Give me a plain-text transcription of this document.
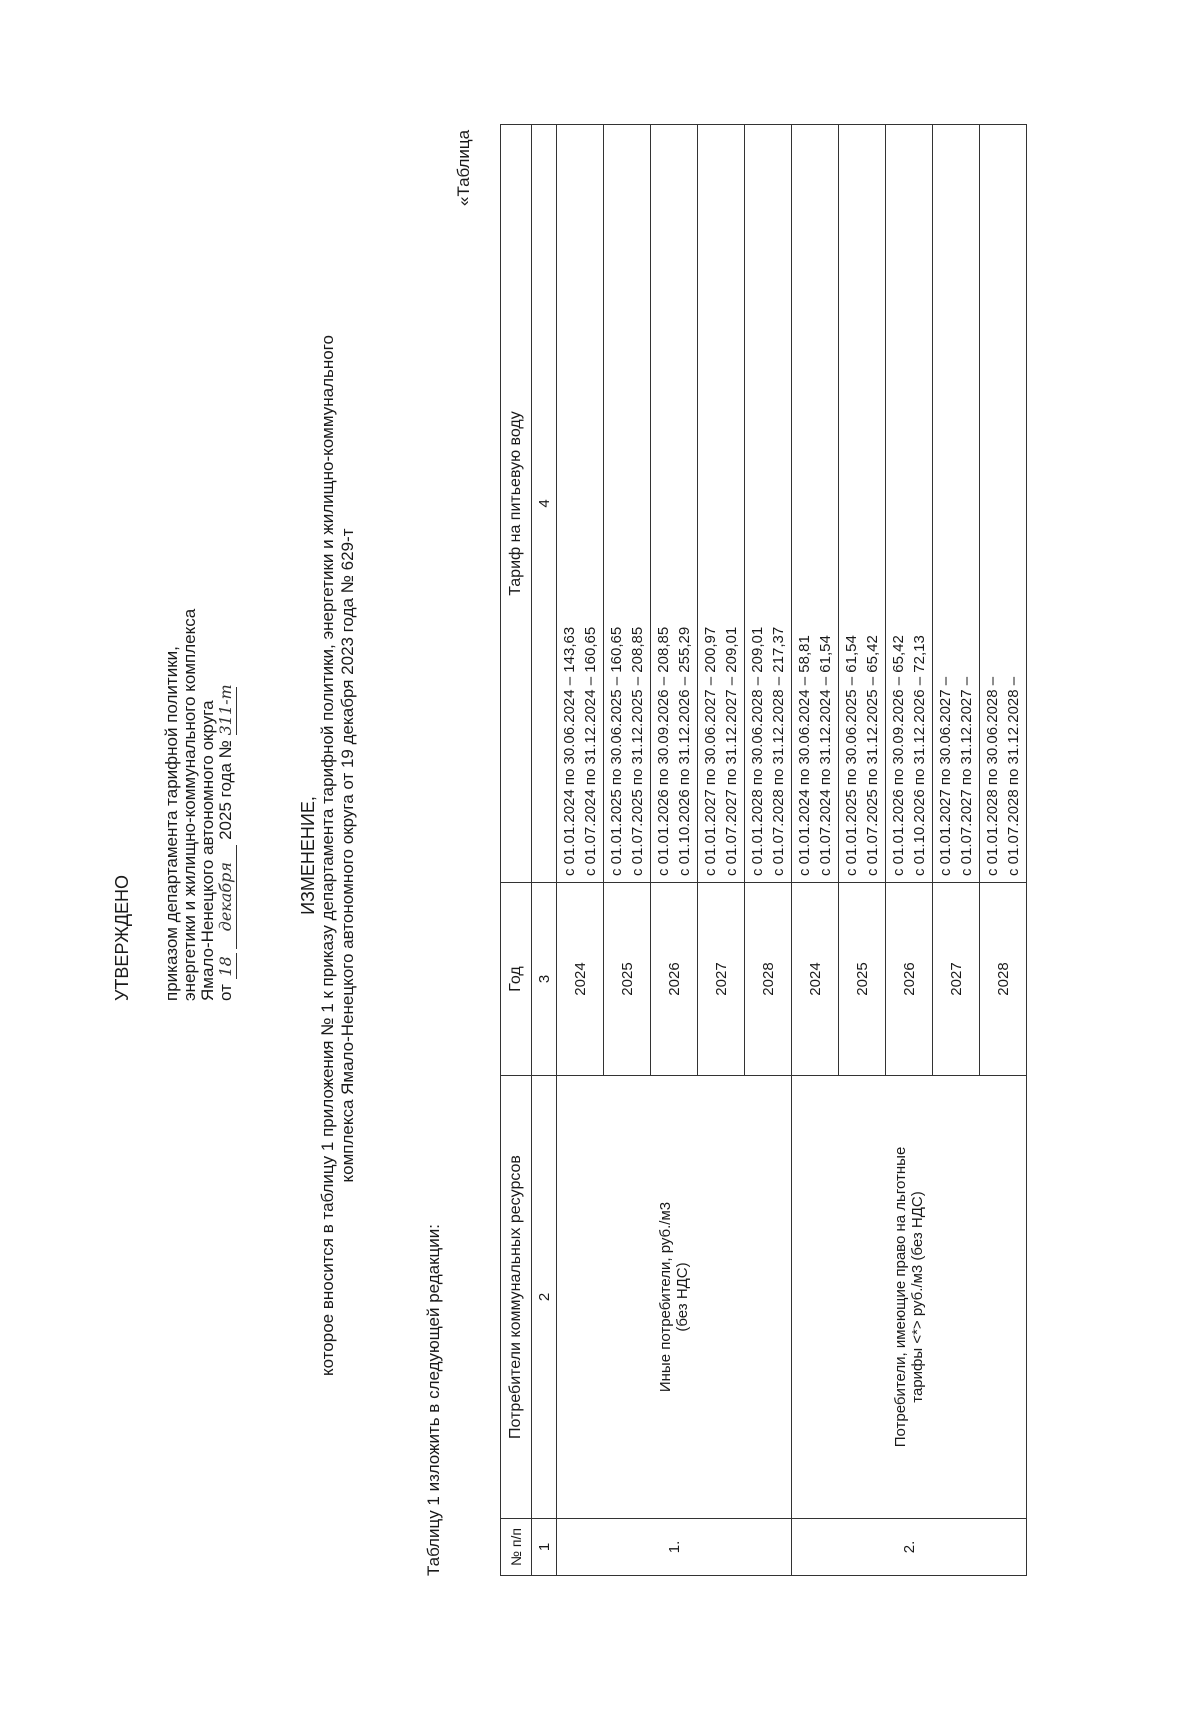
УТВЕРЖДЕНО приказом департамента тарифной политики, энергетики и жилищно-коммунального комплекса Ямало-Ненецкого автономного округа от 18 декабря 2025 года № 311-т
ИЗМЕНЕНИЕ, которое вносится в таблицу 1 приложения № 1 к приказу департамента тарифной политики, энергетики и жилищно-коммунального комплекса Ямало-Ненецкого автономного округа от 19 декабря 2023 года № 629-т
Таблицу 1 изложить в следующей редакции:
«Таблица
№ п/п	Потребители коммунальных ресурсов	Год	Тариф на питьевую воду
1	2	3	4
1.	Иные потребители, руб./м3 (без НДС)	2024	с 01.01.2024 по 30.06.2024 – 143,63 с 01.07.2024 по 31.12.2024 – 160,65

		2025	с 01.01.2025 по 30.06.2025 – 160,65 с 01.07.2025 по 31.12.2025 – 208,85

		2026	с 01.01.2026 по 30.09.2026 – 208,85 с 01.10.2026 по 31.12.2026 – 255,29

		2027	с 01.01.2027 по 30.06.2027 – 200,97 с 01.07.2027 по 31.12.2027 – 209,01

		2028	с 01.01.2028 по 30.06.2028 – 209,01 с 01.07.2028 по 31.12.2028 – 217,37

2.	Потребители, имеющие право на льготные тарифы <*> руб./м3 (без НДС)	2024	с 01.01.2024 по 30.06.2024 – 58,81 с 01.07.2024 по 31.12.2024 – 61,54

		2025	с 01.01.2025 по 30.06.2025 – 61,54 с 01.07.2025 по 31.12.2025 – 65,42

		2026	с 01.01.2026 по 30.09.2026 – 65,42 с 01.10.2026 по 31.12.2026 – 72,13

		2027	с 01.01.2027 по 30.06.2027 – с 01.07.2027 по 31.12.2027 –

		2028	с 01.01.2028 по 30.06.2028 – с 01.07.2028 по 31.12.2028 –
